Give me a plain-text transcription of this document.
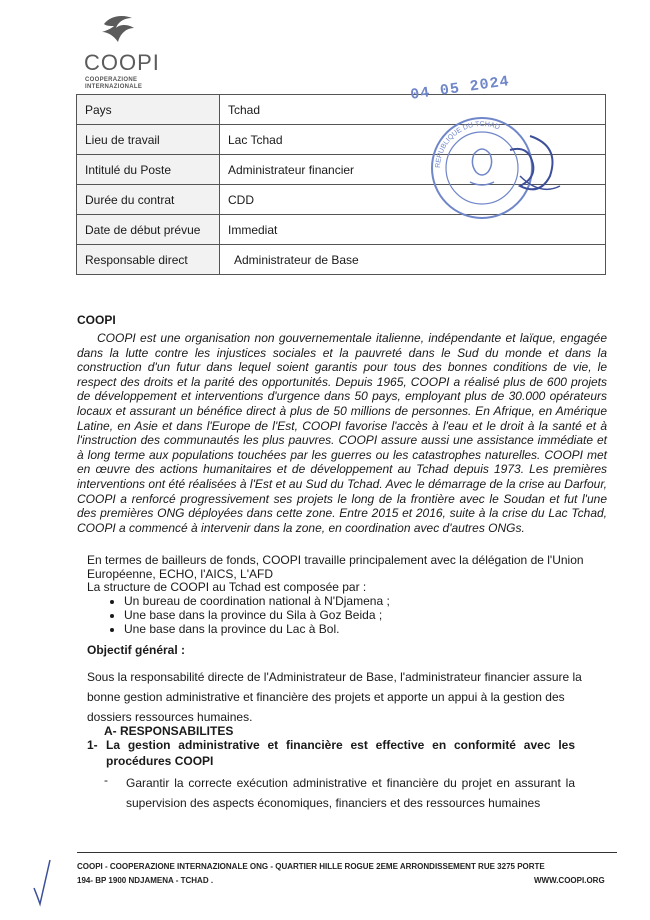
COOPI
COOPERAZIONE
INTERNAZIONALE
Pays	Tchad
Lieu de travail	Lac Tchad
Intitulé du Poste	Administrateur financier
Durée du contrat	CDD
Date de début prévue	Immediat
Responsable direct	Administrateur de Base
04 05 2024
REPUBLIQUE DU TCHAD
COOPI
COOPI est une organisation non gouvernementale italienne, indépendante et laïque, engagée dans la lutte contre les injustices sociales et la pauvreté dans le Sud du monde et dans la construction d'un futur dans lequel soient garantis pour tous des bonnes conditions de vie, le respect des droits et la parité des opportunités. Depuis 1965, COOPI a réalisé plus de 600 projets de développement et interventions d'urgence dans 50 pays, employant plus de 30.000 opérateurs locaux et assurant un bénéfice direct à plus de 50 millions de personnes. En Afrique, en Amérique Latine, en Asie et dans l'Europe de l'Est, COOPI favorise l'accès à l'eau et le droit à la santé et à l'instruction des communautés les plus pauvres. COOPI assure aussi une assistance immédiate et à long terme aux populations touchées par les guerres ou les catastrophes naturelles. COOPI met en œuvre des actions humanitaires et de développement au Tchad depuis 1973. Les premières interventions ont été réalisées à l'Est et au Sud du Tchad. Avec le démarrage de la crise au Darfour, COOPI a renforcé progressivement ses projets le long de la frontière avec le Soudan et fut l'une des premières ONG déployées dans cette zone. Entre 2015 et 2016, suite à la crise du Lac Tchad, COOPI a commencé à intervenir dans la zone, en coordination avec d'autres ONGs.
En termes de bailleurs de fonds, COOPI travaille principalement avec la délégation de l'Union Européenne, ECHO, l'AICS, L'AFD
La structure de COOPI au Tchad est composée par :
• Un bureau de coordination national à N'Djamena ;
• Une base dans la province du Sila à Goz Beida ;
• Une base dans la province du Lac à Bol.
Objectif général :
Sous la responsabilité directe de l'Administrateur de Base, l'administrateur financier assure la bonne gestion administrative et financière des projets et apporte un appui à la gestion des dossiers ressources humaines.
A- RESPONSABILITES
1- La gestion administrative et financière est effective en conformité avec les procédures COOPI
- Garantir la correcte exécution administrative et financière du projet en assurant la supervision des aspects économiques, financiers et des ressources humaines
COOPI - COOPERAZIONE INTERNAZIONALE ONG - QUARTIER HILLE ROGUE 2EME ARRONDISSEMENT RUE 3275 PORTE
194- BP 1900 NDJAMENA - TCHAD .	WWW.COOPI.ORG
